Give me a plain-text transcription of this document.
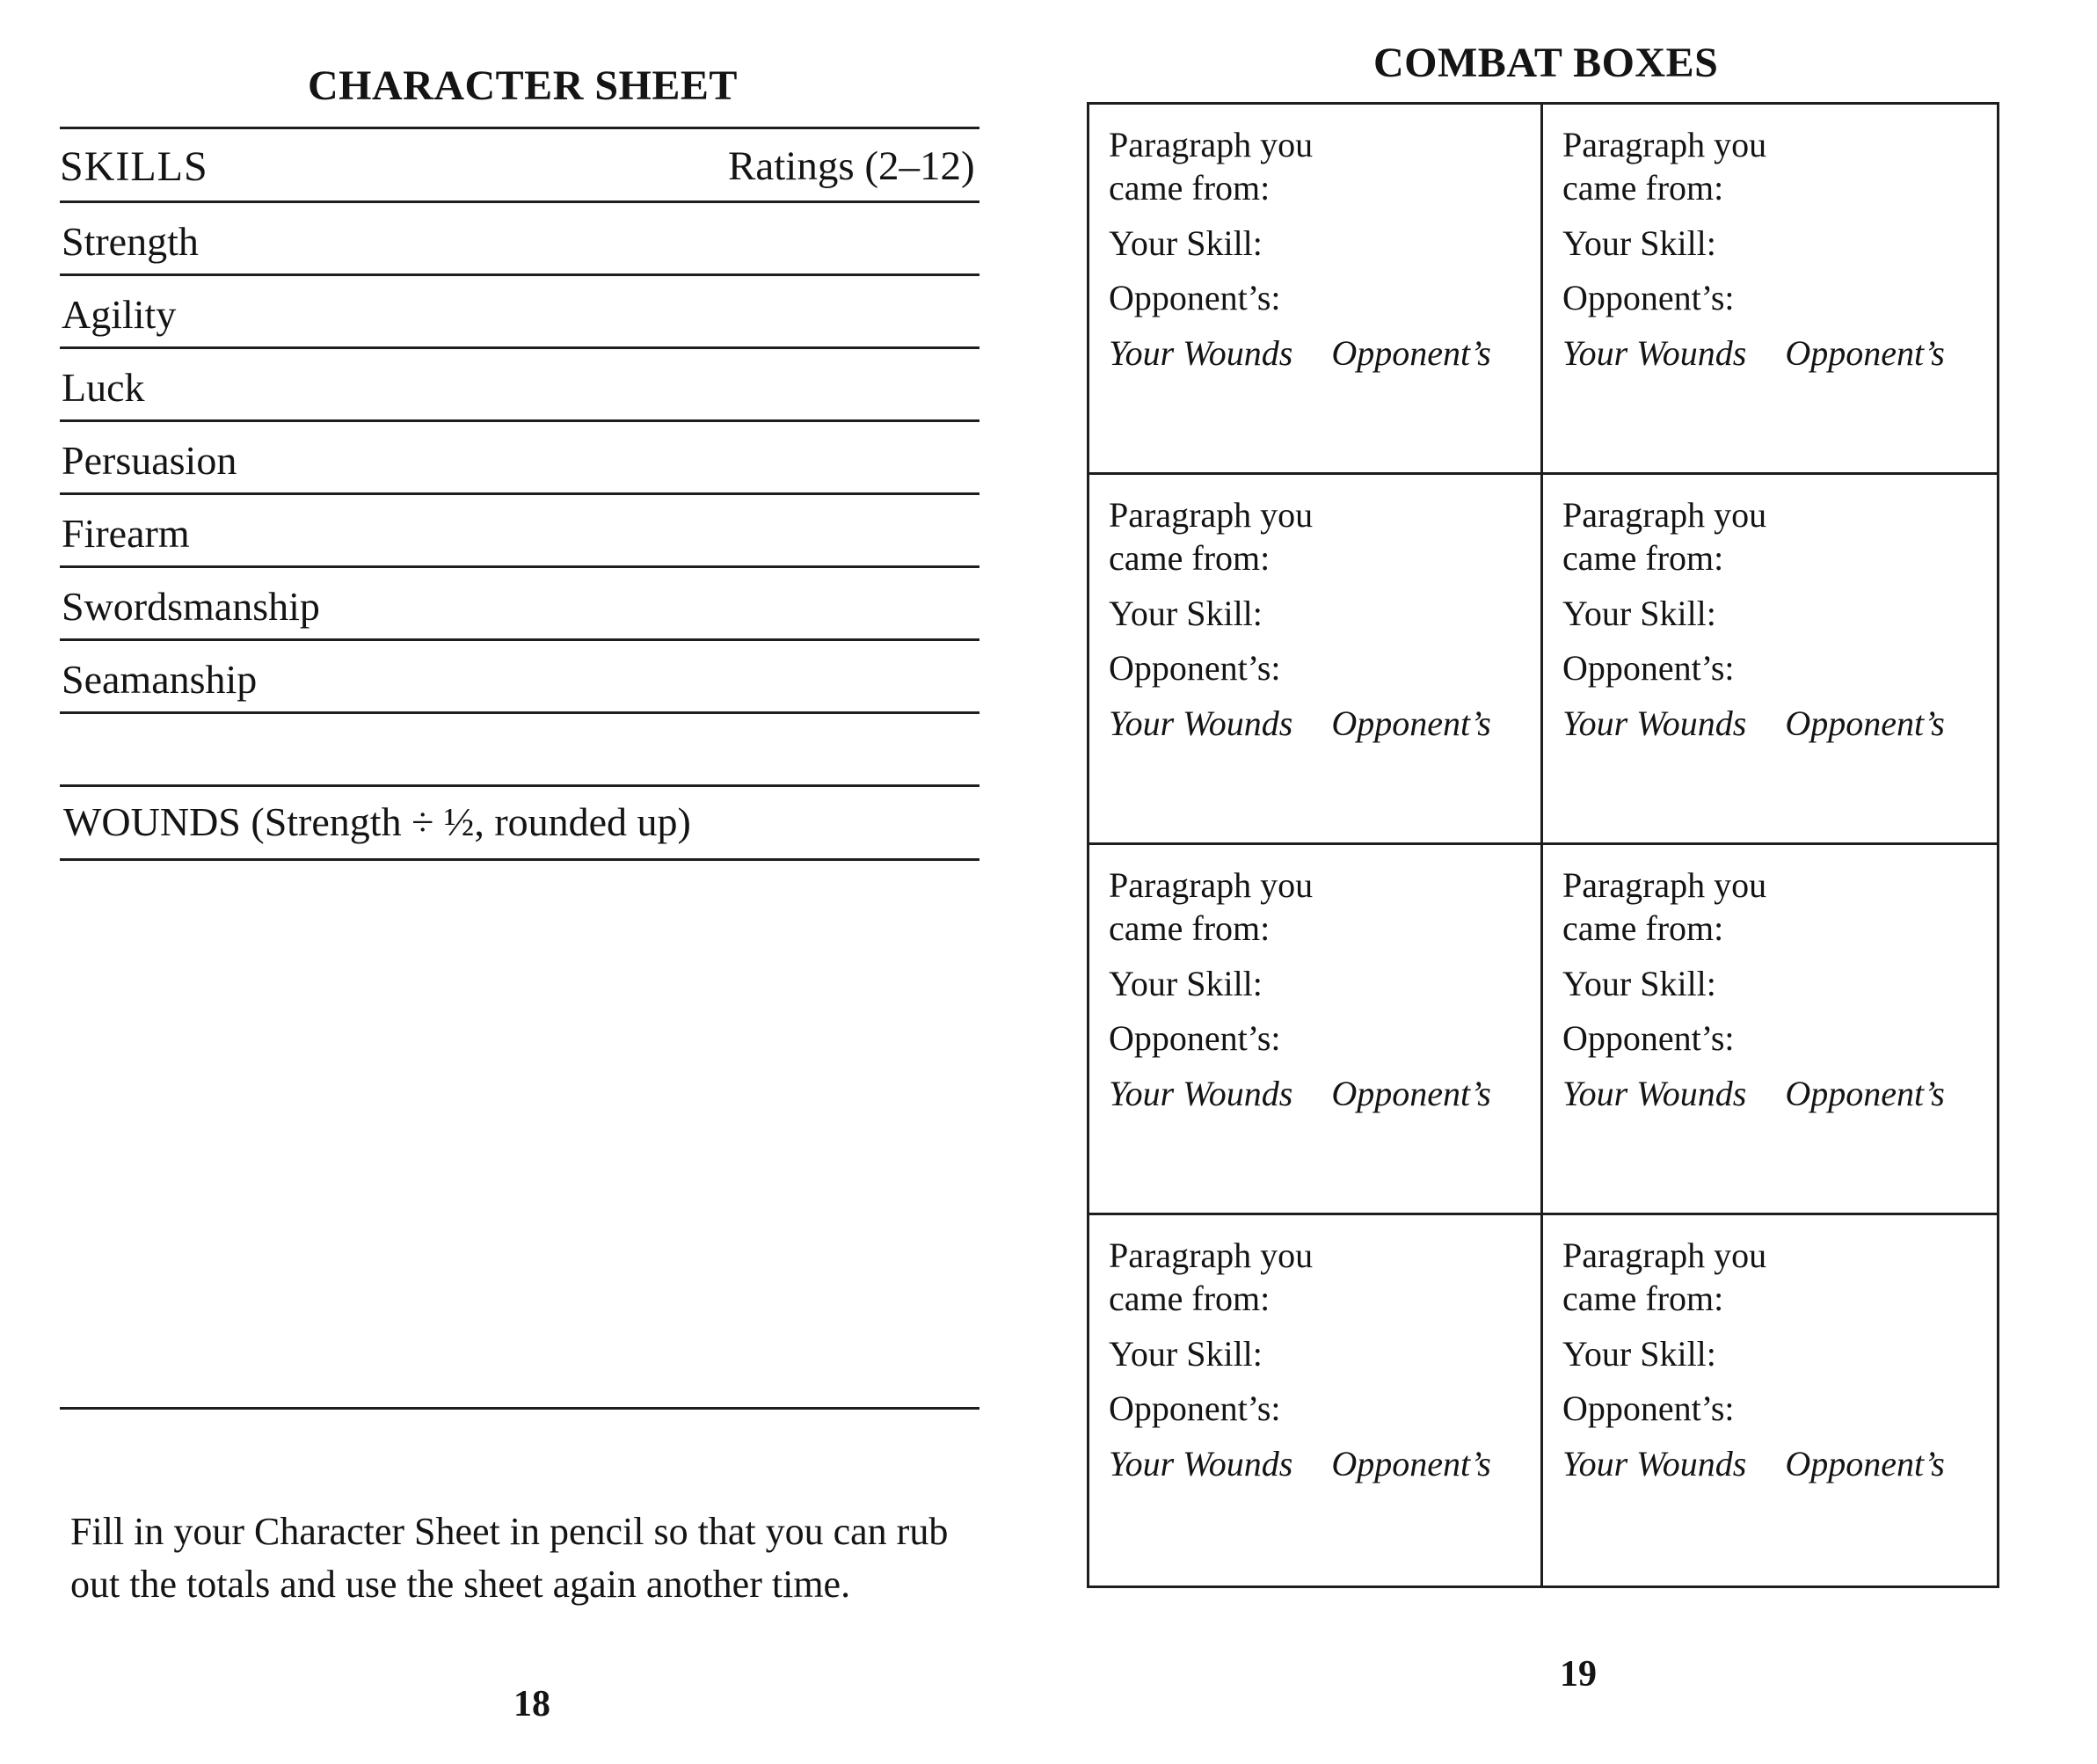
CHARACTER SHEET
SKILLS	Ratings (2–12)
Strength
Agility
Luck
Persuasion
Firearm
Swordsmanship
Seamanship
WOUNDS (Strength ÷ ½, rounded up)
Fill in your Character Sheet in pencil so that you can rub out the totals and use the sheet again another time.
18
COMBAT BOXES
Paragraph you
came from:
Your Skill:
Opponent’s:
Your Wounds Opponent’s
Paragraph you
came from:
Your Skill:
Opponent’s:
Your Wounds Opponent’s
Paragraph you
came from:
Your Skill:
Opponent’s:
Your Wounds Opponent’s
Paragraph you
came from:
Your Skill:
Opponent’s:
Your Wounds Opponent’s
Paragraph you
came from:
Your Skill:
Opponent’s:
Your Wounds Opponent’s
Paragraph you
came from:
Your Skill:
Opponent’s:
Your Wounds Opponent’s
Paragraph you
came from:
Your Skill:
Opponent’s:
Your Wounds Opponent’s
Paragraph you
came from:
Your Skill:
Opponent’s:
Your Wounds Opponent’s
19
